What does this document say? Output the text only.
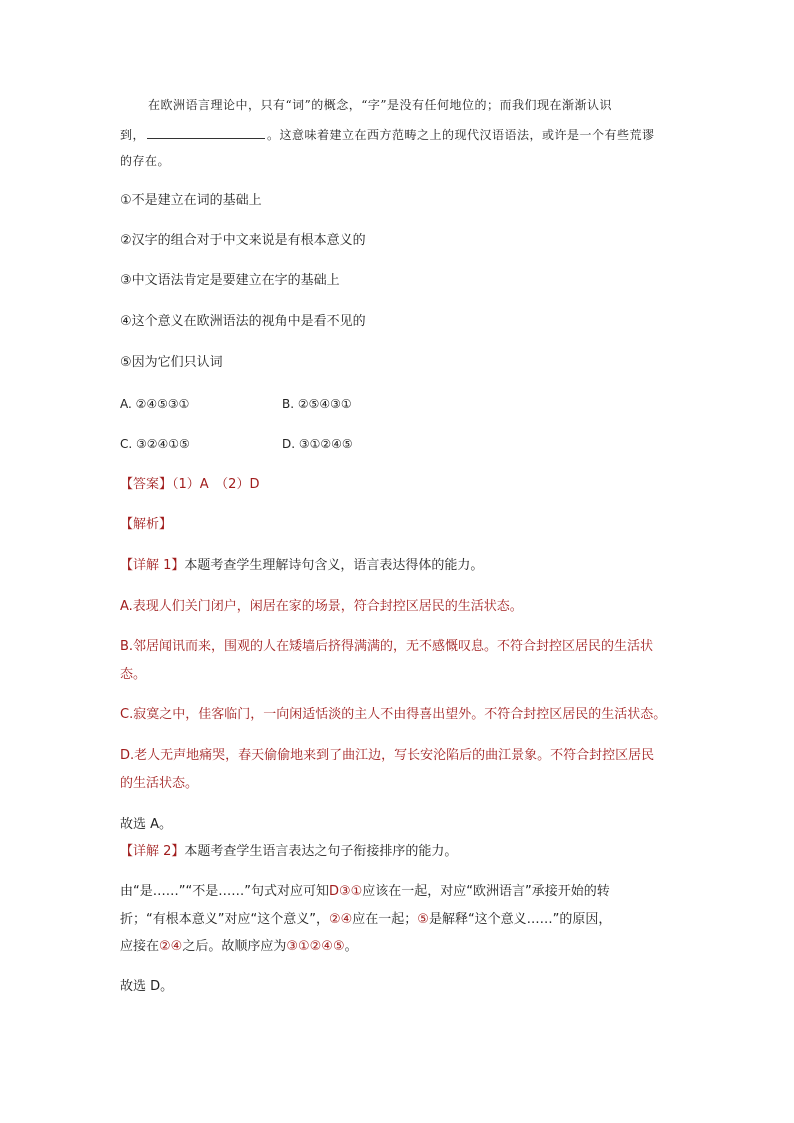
在欧洲语言理论中，只有“词”的概念，“字”是没有任何地位的；而我们现在渐渐认识
到，	。这意味着建立在西方范畴之上的现代汉语语法，或许是一个有些荒谬
的存在。
①不是建立在词的基础上
②汉字的组合对于中文来说是有根本意义的
③中文语法肯定是要建立在字的基础上
④这个意义在欧洲语法的视角中是看不见的
⑤因为它们只认词
A. ②④⑤③①	B. ②⑤④③①
C. ③②④①⑤	D. ③①②④⑤
【答案】（1）A　（2）D
【解析】
【详解 1】本题考查学生理解诗句含义，语言表达得体的能力。
A.表现人们关门闭户，闲居在家的场景，符合封控区居民的生活状态。
B.邻居闻讯而来，围观的人在矮墙后挤得满满的，无不感慨叹息。不符合封控区居民的生活状
态。
C.寂寞之中，佳客临门，一向闲适恬淡的主人不由得喜出望外。不符合封控区居民的生活状态。
D.老人无声地痛哭，春天偷偷地来到了曲江边，写长安沦陷后的曲江景象。不符合封控区居民
的生活状态。
故选 A。
【详解 2】本题考查学生语言表达之句子衔接排序的能力。
由“是……”“不是……”句式对应可知D③①应该在一起，对应“欧洲语言”承接开始的转
折；“有根本意义”对应“这个意义”，②④应在一起；⑤是解释“这个意义……”的原因，
应接在②④之后。故顺序应为③①②④⑤。
故选 D。
